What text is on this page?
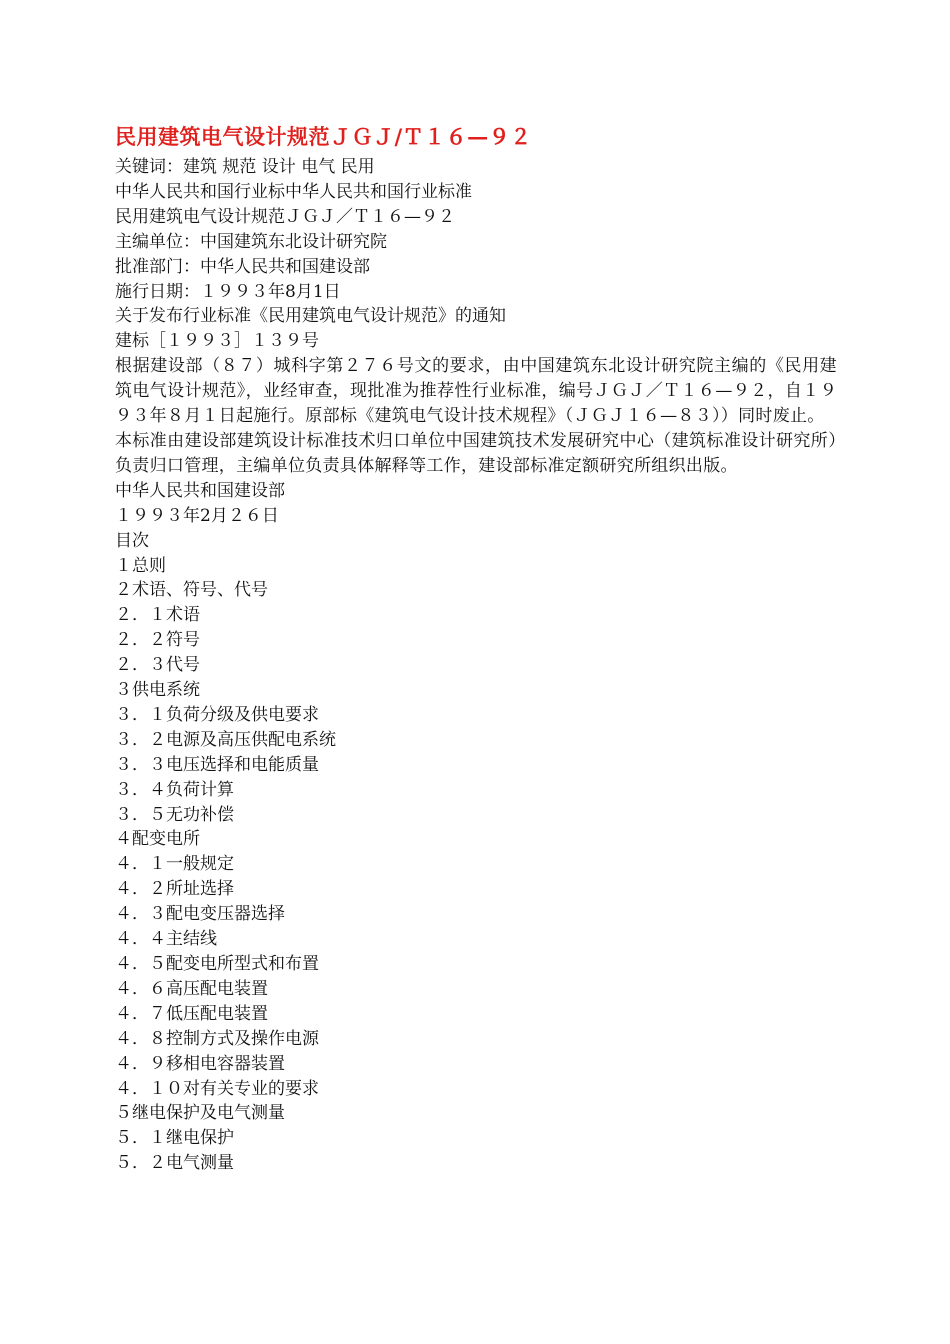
民用建筑电气设计规范ＪＧＪ/Ｔ１６—９２
关键词：建筑 规范 设计 电气 民用
中华人民共和国行业标中华人民共和国行业标准
民用建筑电气设计规范ＪＧＪ／Ｔ１６—９２
主编单位：中国建筑东北设计研究院
批准部门：中华人民共和国建设部
施行日期：１９９３年8月1日
关于发布行业标准《民用建筑电气设计规范》的通知
建标［１９９３］１３９号
根据建设部（８７）城科字第２７６号文的要求，由中国建筑东北设计研究院主编的《民用建筑电气设计规范》，业经审查，现批准为推荐性行业标准，编号ＪＧＪ／Ｔ１６—９２，自１９９３年８月１日起施行。原部标《建筑电气设计技术规程》（ＪＧＪ１６—８３））同时废止。
本标准由建设部建筑设计标准技术归口单位中国建筑技术发展研究中心（建筑标准设计研究所）负责归口管理，主编单位负责具体解释等工作，建设部标准定额研究所组织出版。
中华人民共和国建设部
１９９３年2月２６日
目次
１总则
２术语、符号、代号
２．１术语
２．２符号
２．３代号
３供电系统
３．１负荷分级及供电要求
３．２电源及高压供配电系统
３．３电压选择和电能质量
３．４负荷计算
３．５无功补偿
４配变电所
４．１一般规定
４．２所址选择
４．３配电变压器选择
４．４主结线
４．５配变电所型式和布置
４．６高压配电装置
４．７低压配电装置
４．８控制方式及操作电源
４．９移相电容器装置
４．１０对有关专业的要求
５继电保护及电气测量
５．１继电保护
５．２电气测量
